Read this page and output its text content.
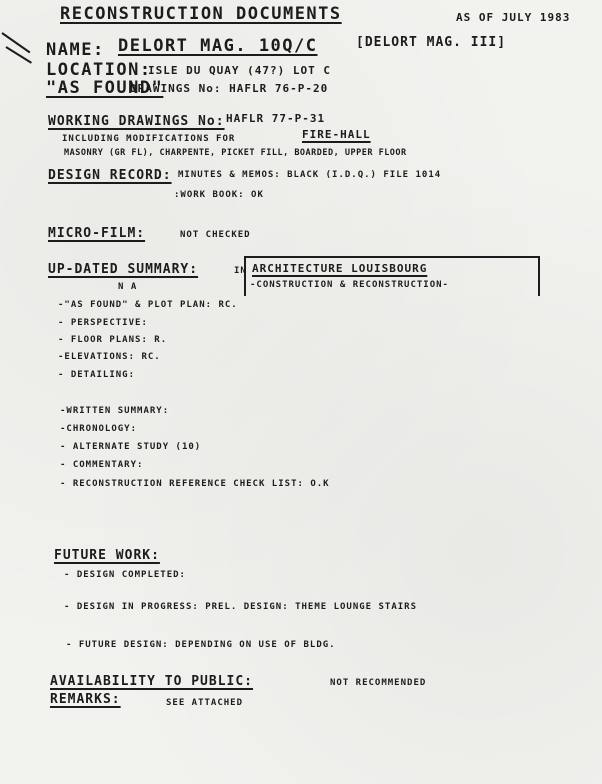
RECONSTRUCTION DOCUMENTS	AS OF JULY 1983
NAME: DELORT MAG. 10Q/C	[DELORT MAG. III]
LOCATION:
ISLE DU QUAY (47?) LOT C
"AS FOUND"
DRAWINGS No: HAFLR 76-P-20
WORKING DRAWINGS No: HAFLR 77-P-31
INCLUDING MODIFICATIONS FOR	FIRE-HALL
MASONRY (GR FL), CHARPENTE, PICKET FILL, BOARDED, UPPER FLOOR
DESIGN RECORD: MINUTES & MEMOS: BLACK (I.D.Q.) FILE 1014
:WORK BOOK: OK
MICRO-FILM:	NOT CHECKED
UP-DATED SUMMARY:	IN
N A
ARCHITECTURE LOUISBOURG
-CONSTRUCTION & RECONSTRUCTION-
-"AS FOUND" & PLOT PLAN: RC.
- PERSPECTIVE:
- FLOOR PLANS: R.
-ELEVATIONS: RC.
- DETAILING:
-WRITTEN SUMMARY:
-CHRONOLOGY:
- ALTERNATE STUDY (10)
- COMMENTARY:
- RECONSTRUCTION REFERENCE CHECK LIST: O.K
FUTURE WORK:
- DESIGN COMPLETED:
- DESIGN IN PROGRESS: PREL. DESIGN: THEME LOUNGE STAIRS
- FUTURE DESIGN: DEPENDING ON USE OF BLDG.
AVAILABILITY TO PUBLIC:	NOT RECOMMENDED
REMARKS:	SEE ATTACHED
